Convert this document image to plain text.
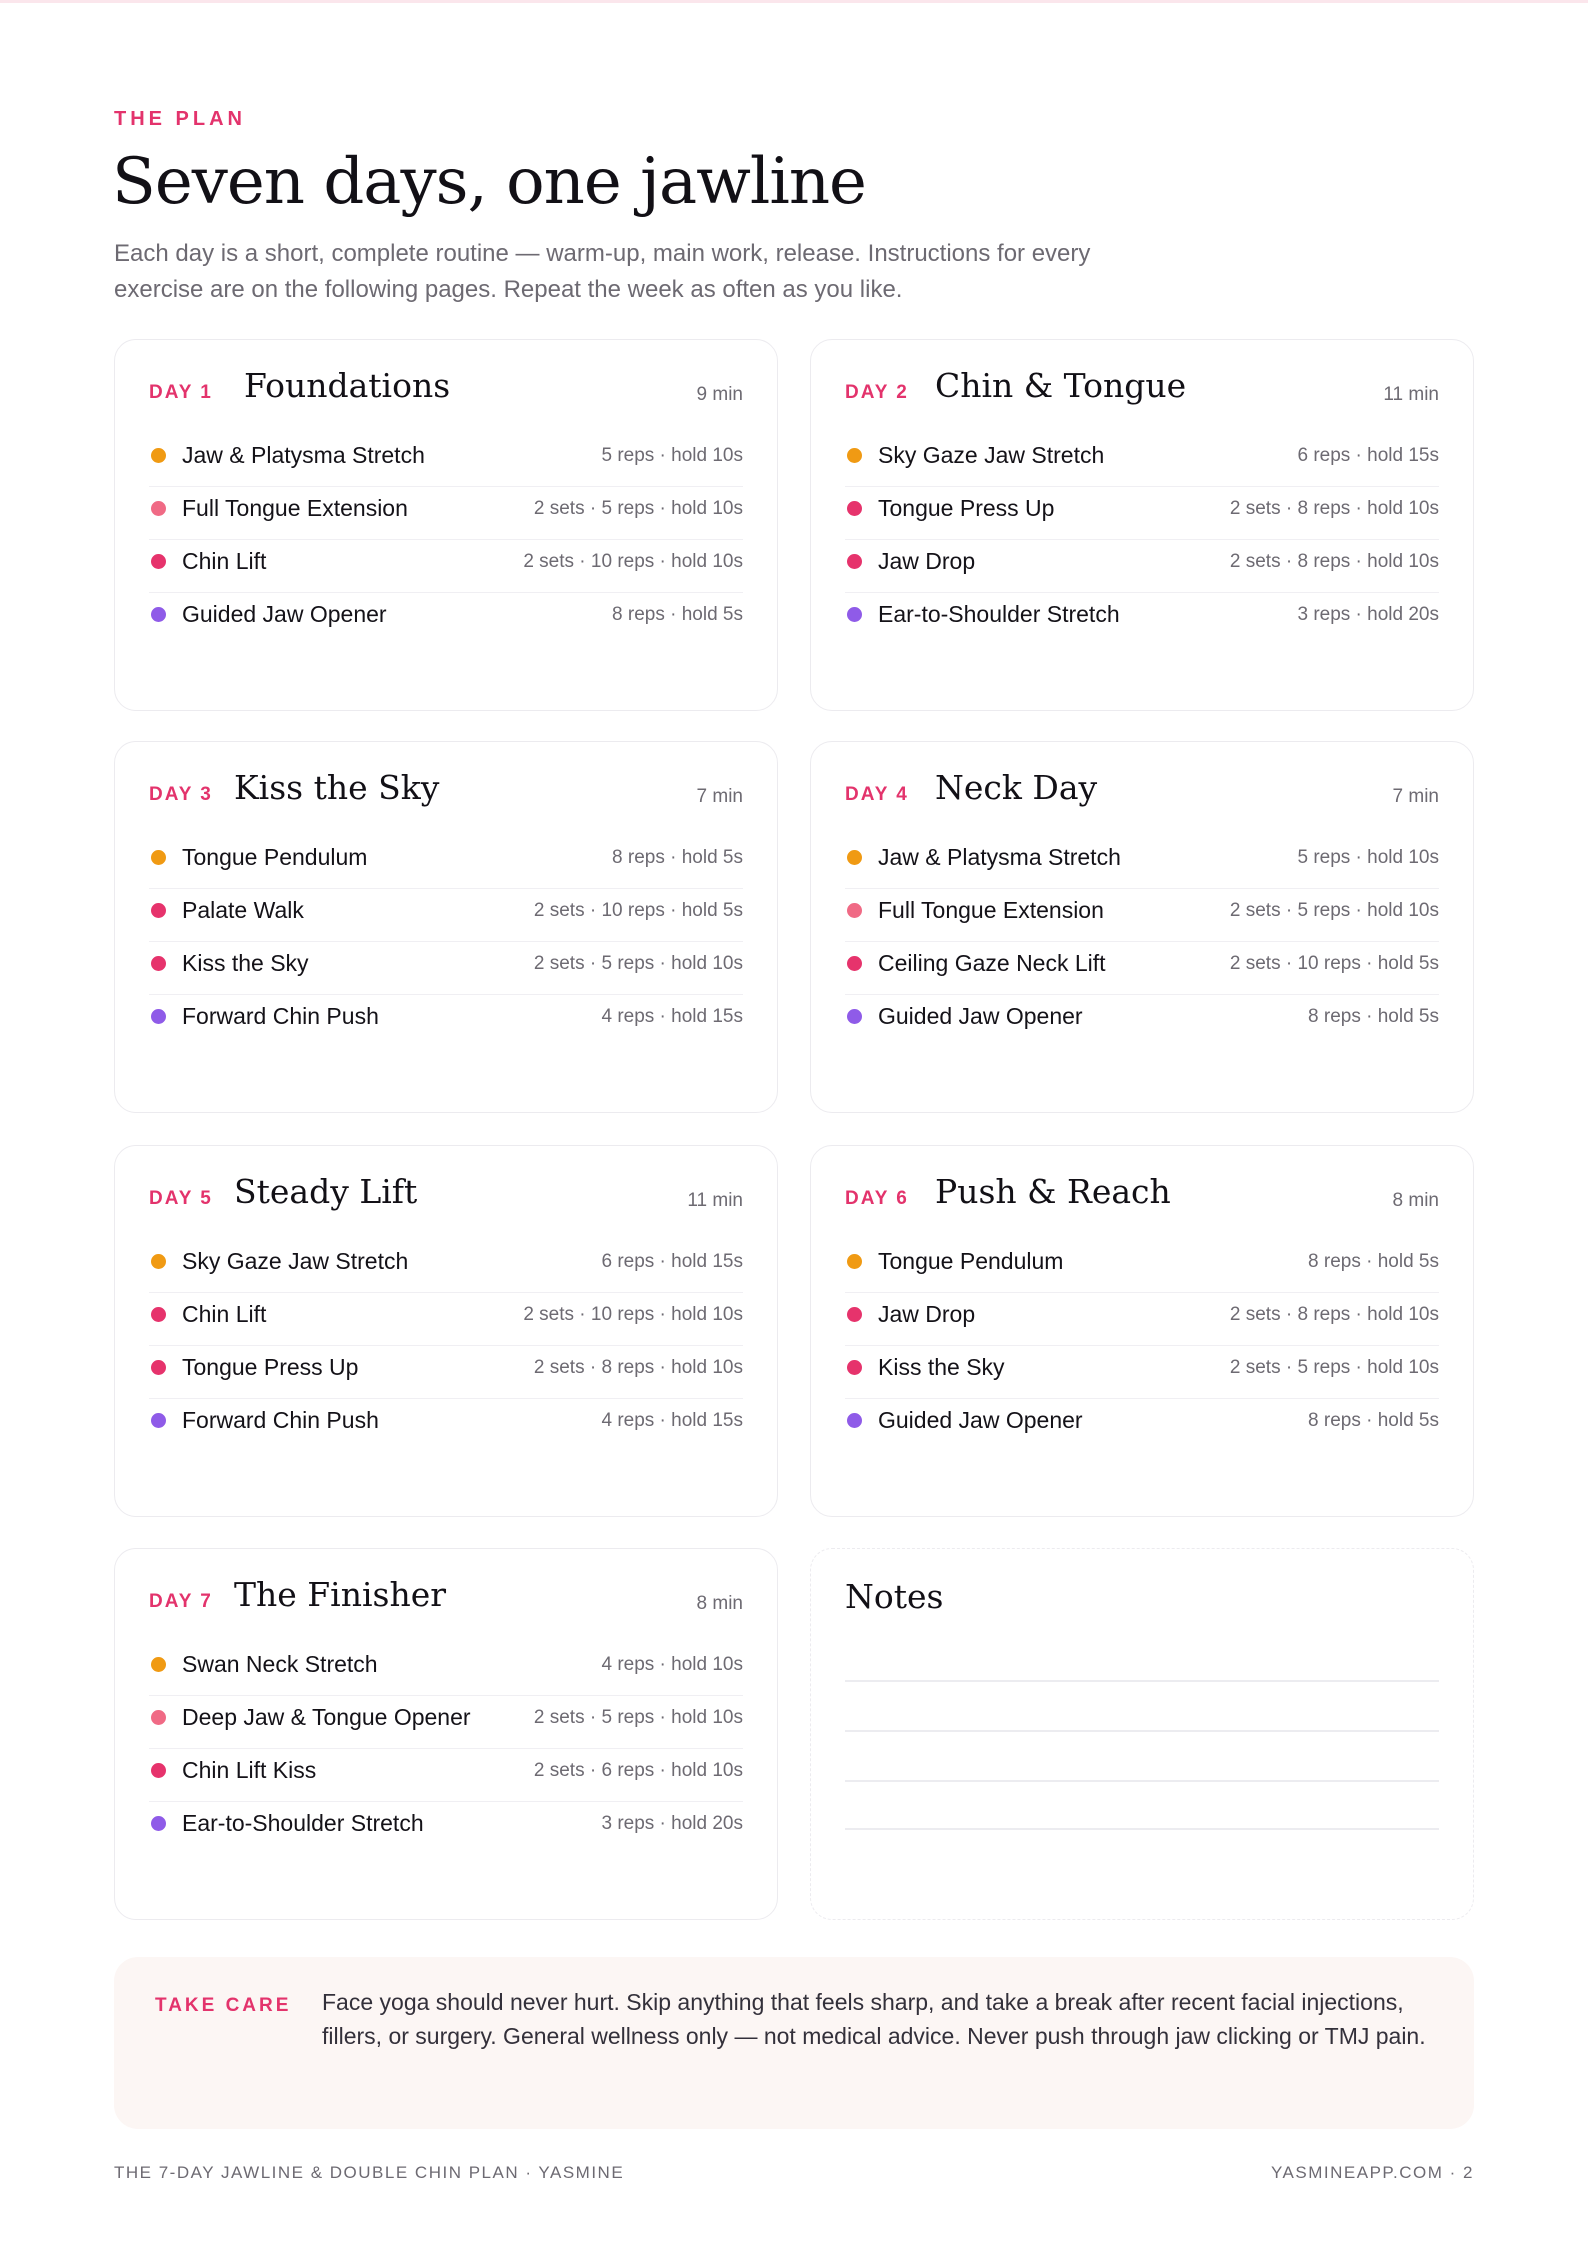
THE PLAN
Seven days, one jawline

Each day is a short, complete routine — warm-up, main work, release. Instructions for every exercise are on the following pages. Repeat the week as often as you like.

DAY 1 Foundations	9 min
Jaw & Platysma Stretch	5 reps · hold 10s
Full Tongue Extension	2 sets · 5 reps · hold 10s
Chin Lift	2 sets · 10 reps · hold 10s
Guided Jaw Opener	8 reps · hold 5s
DAY 2 Chin & Tongue	11 min
Sky Gaze Jaw Stretch	6 reps · hold 15s
Tongue Press Up	2 sets · 8 reps · hold 10s
Jaw Drop	2 sets · 8 reps · hold 10s
Ear-to-Shoulder Stretch	3 reps · hold 20s
DAY 3 Kiss the Sky	7 min
Tongue Pendulum	8 reps · hold 5s
Palate Walk	2 sets · 10 reps · hold 5s
Kiss the Sky	2 sets · 5 reps · hold 10s
Forward Chin Push	4 reps · hold 15s
DAY 4 Neck Day	7 min
Jaw & Platysma Stretch	5 reps · hold 10s
Full Tongue Extension	2 sets · 5 reps · hold 10s
Ceiling Gaze Neck Lift	2 sets · 10 reps · hold 5s
Guided Jaw Opener	8 reps · hold 5s
DAY 5 Steady Lift	11 min
Sky Gaze Jaw Stretch	6 reps · hold 15s
Chin Lift	2 sets · 10 reps · hold 10s
Tongue Press Up	2 sets · 8 reps · hold 10s
Forward Chin Push	4 reps · hold 15s
DAY 6 Push & Reach	8 min
Tongue Pendulum	8 reps · hold 5s
Jaw Drop	2 sets · 8 reps · hold 10s
Kiss the Sky	2 sets · 5 reps · hold 10s
Guided Jaw Opener	8 reps · hold 5s
DAY 7 The Finisher	8 min
Swan Neck Stretch	4 reps · hold 10s
Deep Jaw & Tongue Opener	2 sets · 5 reps · hold 10s
Chin Lift Kiss	2 sets · 6 reps · hold 10s
Ear-to-Shoulder Stretch	3 reps · hold 20s
Notes
TAKE CARE Face yoga should never hurt. Skip anything that feels sharp, and take a break after recent facial injections, fillers, or surgery. General wellness only — not medical advice. Never push through jaw clicking or TMJ pain.
THE 7-DAY JAWLINE & DOUBLE CHIN PLAN · YASMINE	YASMINEAPP.COM · 2
